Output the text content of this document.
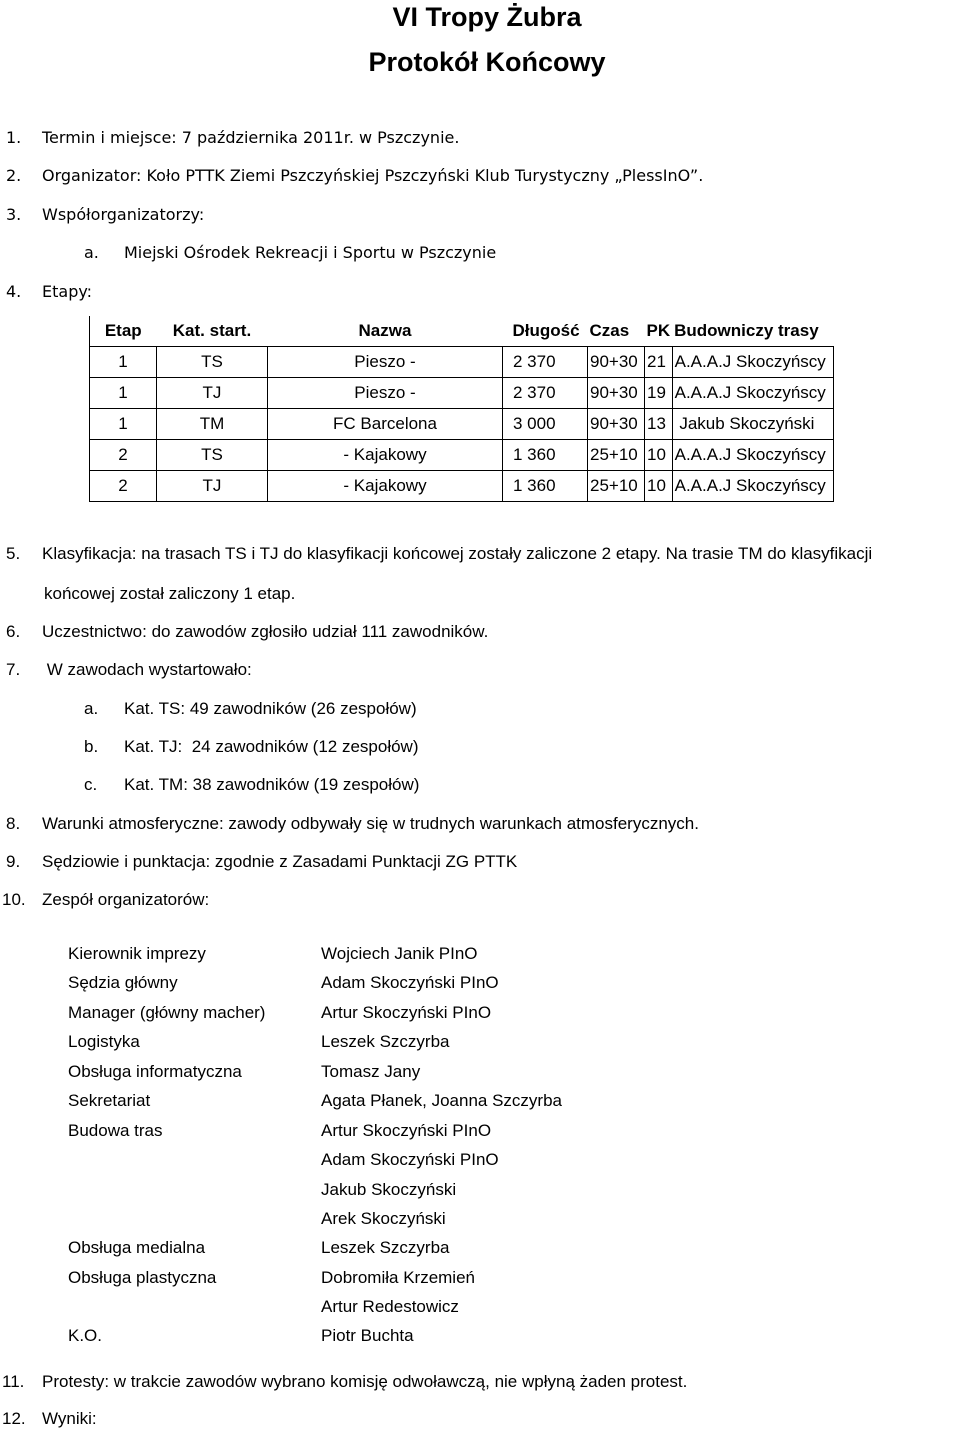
VI Tropy Żubra
Protokół Końcowy
1. Termin i miejsce: 7 października 2011r. w Pszczynie.
2. Organizator: Koło PTTK Ziemi Pszczyńskiej Pszczyński Klub Turystyczny „PlessInO”.
3. Współorganizatorzy:
a. Miejski Ośrodek Rekreacji i Sportu w Pszczynie
4. Etapy:
Etap	Kat. start.	Nazwa	Długość	Czas	PK	Budowniczy trasy
1	TS	Pieszo -	2 370	90+30	21	A.A.A.J Skoczyńscy
1	TJ	Pieszo -	2 370	90+30	19	A.A.A.J Skoczyńscy
1	TM	FC Barcelona	3 000	90+30	13	Jakub Skoczyński
2	TS	- Kajakowy	1 360	25+10	10	A.A.A.J Skoczyńscy
2	TJ	- Kajakowy	1 360	25+10	10	A.A.A.J Skoczyńscy
5. Klasyfikacja: na trasach TS i TJ do klasyfikacji końcowej zostały zaliczone 2 etapy. Na trasie TM do klasyfikacji
końcowej został zaliczony 1 etap.
6. Uczestnictwo: do zawodów zgłosiło udział 111 zawodników.
7. W zawodach wystartowało:
a. Kat. TS: 49 zawodników (26 zespołów)
b. Kat. TJ:  24 zawodników (12 zespołów)
c. Kat. TM: 38 zawodników (19 zespołów)
8. Warunki atmosferyczne: zawody odbywały się w trudnych warunkach atmosferycznych.
9. Sędziowie i punktacja: zgodnie z Zasadami Punktacji ZG PTTK
10. Zespół organizatorów:
Kierownik imprezy	Wojciech Janik PInO
Sędzia główny	Adam Skoczyński PInO
Manager (główny macher)	Artur Skoczyński PInO
Logistyka	Leszek Szczyrba
Obsługa informatyczna	Tomasz Jany
Sekretariat	Agata Płanek, Joanna Szczyrba
Budowa tras	Artur Skoczyński PInO
Adam Skoczyński PInO
Jakub Skoczyński
Arek Skoczyński
Obsługa medialna	Leszek Szczyrba
Obsługa plastyczna	Dobromiła Krzemień
Artur Redestowicz
K.O.	Piotr Buchta
11. Protesty: w trakcie zawodów wybrano komisję odwoławczą, nie wpłyną żaden protest.
12. Wyniki:
